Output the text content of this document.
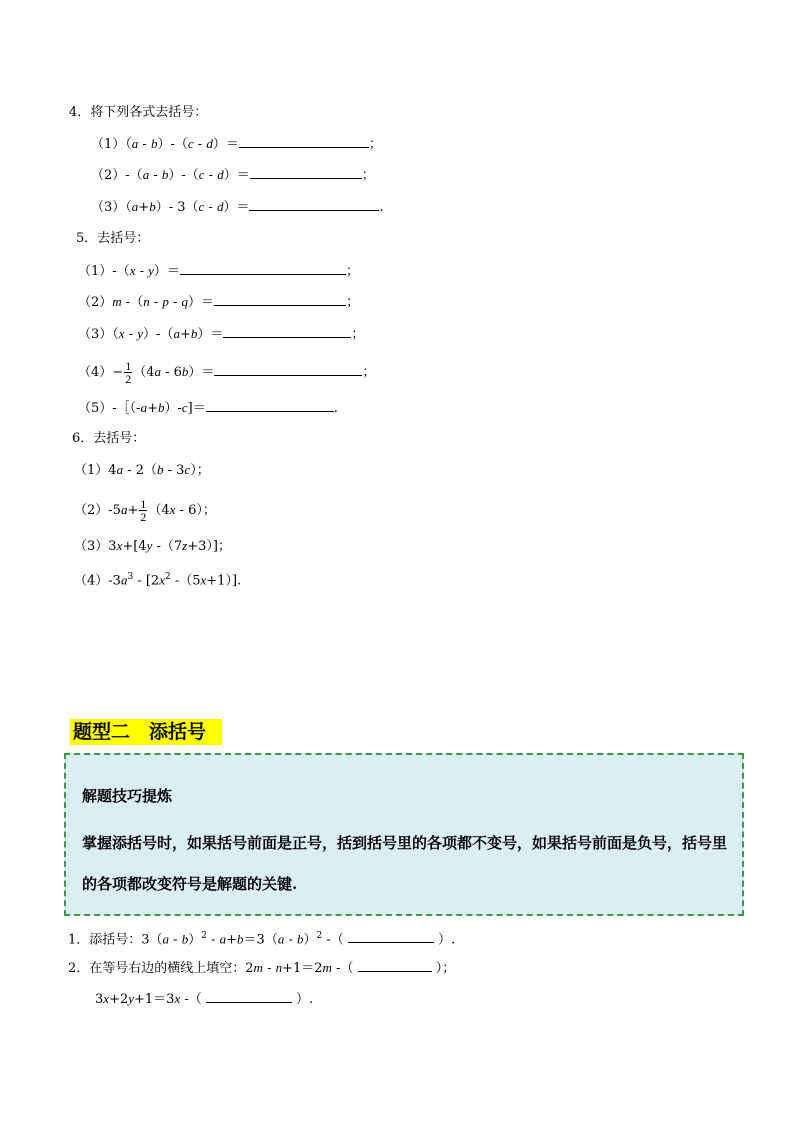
4．将下列各式去括号：
（1）（a - b）-（c - d）＝	；
（2）-（a - b）-（c - d）＝	；
（3）（a+b）- 3（c - d）＝	.
5．去括号：
（1）-（x - y）＝	；
（2）m -（n - p - q）＝	；
（3）（x - y）-（a+b）＝	；
$(4)- \frac{1}{2} (4a - 6b)=$	；
（5）-［（-a+b）-c]＝	.
6．去括号：
（1）4a - 2（b - 3c）；
$(2)-5a+ \frac{1}{2} (4x - 6)$；
（3）3x+[4y -（7z+3）]；
$(4)-3a^3 - [2x^2$ -（5x+1）].
题型二　添括号
解题技巧提炼
掌握添括号时，如果括号前面是正号，括到括号里的各项都不变号，如果括号前面是负号，括号里的各项都改变符号是解题的关键.
1．添括号：3（a - b）$^2$ - a+b＝3（a - b）$^2$ -（	）.
2．在等号右边的横线上填空：2m - n+1＝2m -（	）；
3x+2y+1＝3x -（	）.
